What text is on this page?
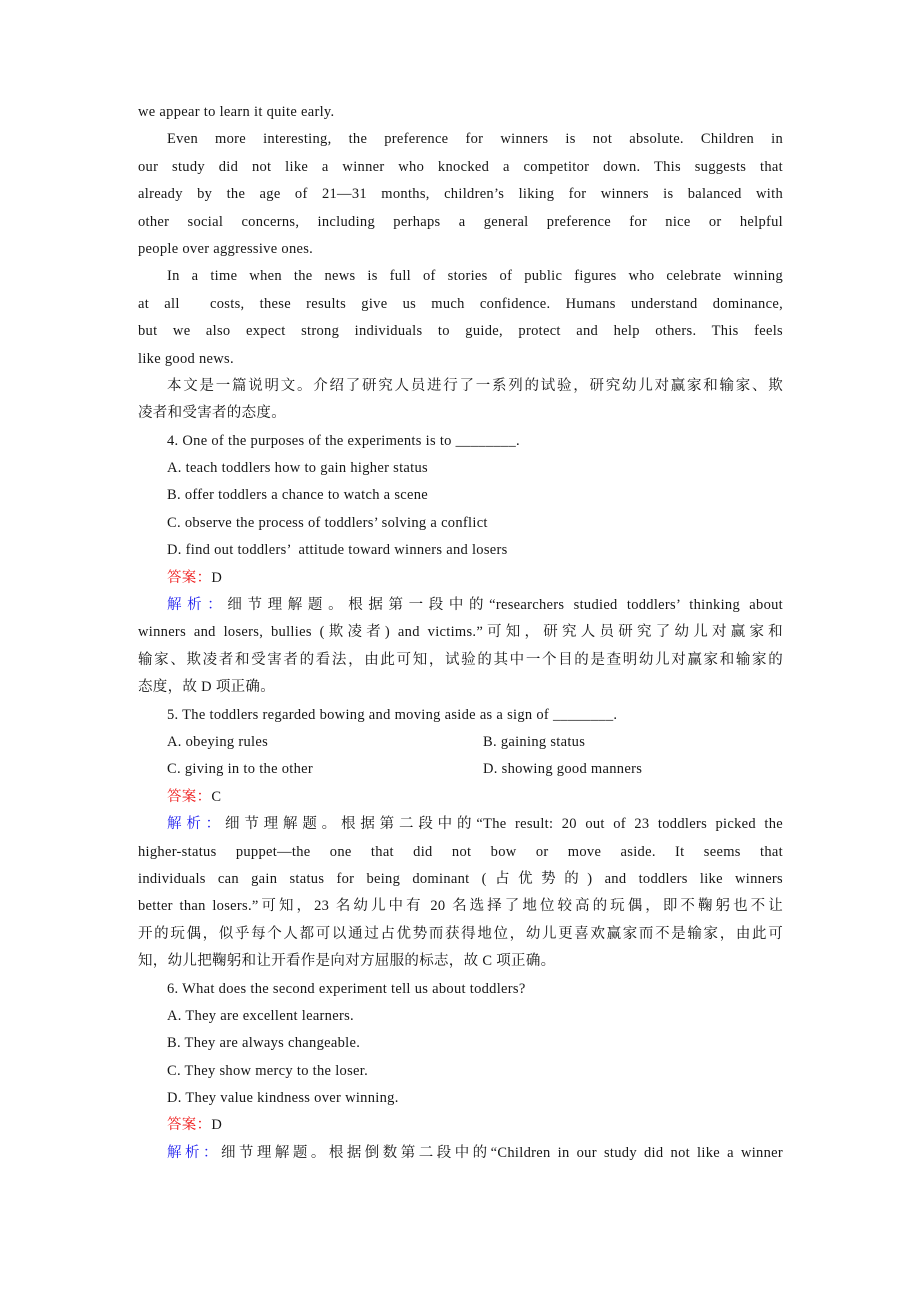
we appear to learn it quite early.
Even more interesting, the preference for winners is not absolute. Children in
our study did not like a winner who knocked a competitor down. This suggests that
already by the age of 21—31 months, children’s liking for winners is balanced with
other social concerns, including perhaps a general preference for nice or helpful
people over aggressive ones.
In a time when the news is full of stories of public figures who celebrate winning
at all  costs, these results give us much confidence. Humans understand dominance,
but we also expect strong individuals to guide, protect and help others. This feels
like good news.
本文是一篇说明文。介绍了研究人员进行了一系列的试验，研究幼儿对赢家和输家、欺
凌者和受害者的态度。
4. One of the purposes of the experiments is to ________.
A. teach toddlers how to gain higher status
B. offer toddlers a chance to watch a scene
C. observe the process of toddlers’ solving a conflict
D. find out toddlers’  attitude toward winners and losers
答案：D
解析：细节理解题。根据第一段中的“researchers studied toddlers’ thinking about
winners and losers, bullies (欺凌者) and victims.”可知，研究人员研究了幼儿对赢家和
输家、欺凌者和受害者的看法，由此可知，试验的其中一个目的是查明幼儿对赢家和输家的
态度，故 D 项正确。
5. The toddlers regarded bowing and moving aside as a sign of ________.
A. obeying rules	B. gaining status
C. giving in to the other	D. showing good manners
答案：C
解析：细节理解题。根据第二段中的“The result: 20 out of 23 toddlers picked the
higher-status puppet—the one that did not bow or move aside. It seems that
individuals can gain status for being dominant (占优势的) and toddlers like winners
better than losers.”可知，23 名幼儿中有 20 名选择了地位较高的玩偶，即不鞠躬也不让
开的玩偶，似乎每个人都可以通过占优势而获得地位，幼儿更喜欢赢家而不是输家，由此可
知，幼儿把鞠躬和让开看作是向对方屈服的标志，故 C 项正确。
6. What does the second experiment tell us about toddlers?
A. They are excellent learners.
B. They are always changeable.
C. They show mercy to the loser.
D. They value kindness over winning.
答案：D
解析：细节理解题。根据倒数第二段中的“Children in our study did not like a winner
